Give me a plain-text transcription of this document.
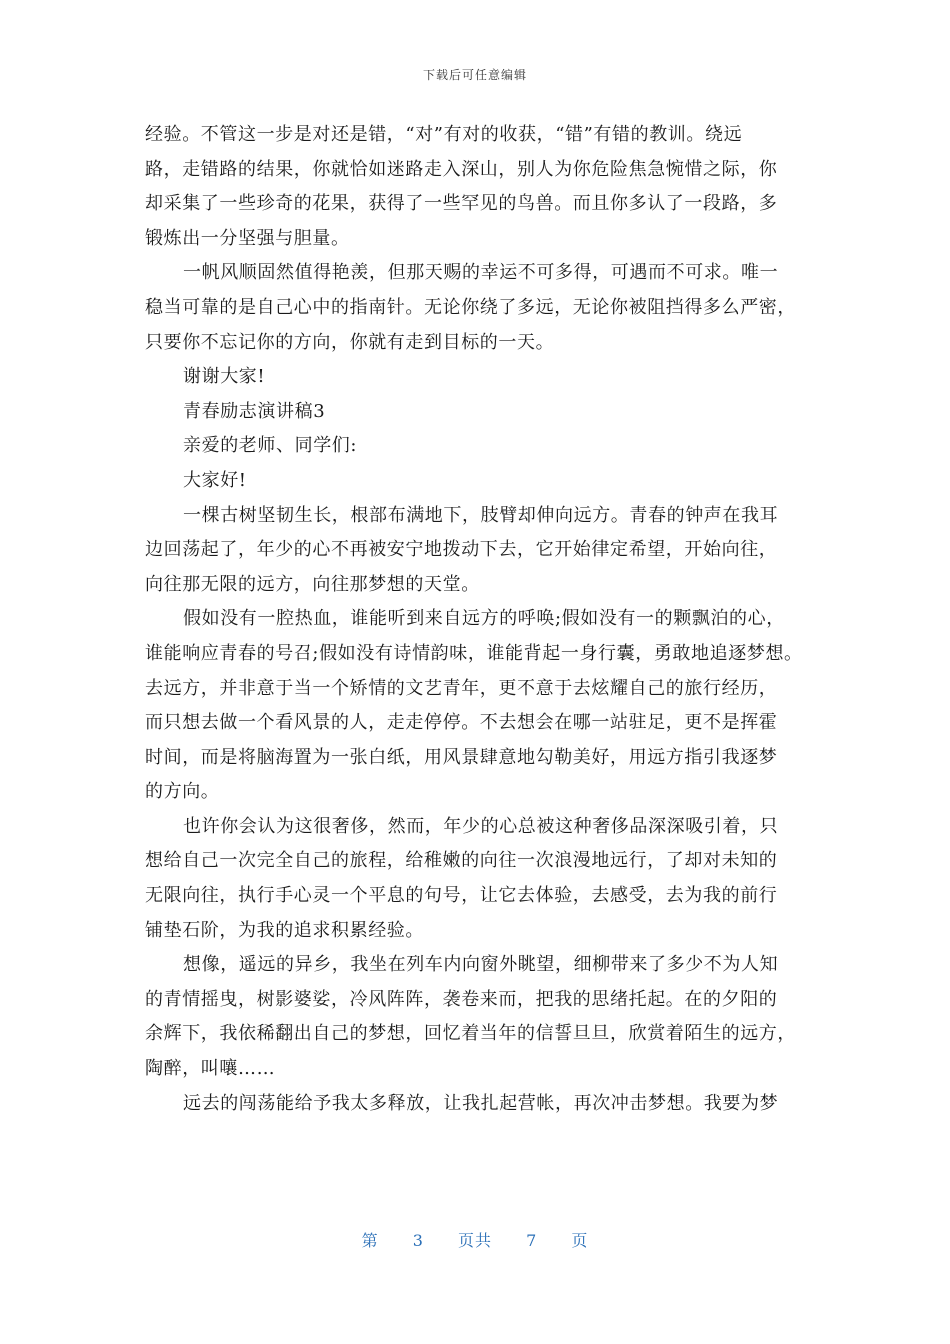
下载后可任意编辑
经验。不管这一步是对还是错，“对”有对的收获，“错”有错的教训。绕远
路，走错路的结果，你就恰如迷路走入深山，别人为你危险焦急惋惜之际，你
却采集了一些珍奇的花果，获得了一些罕见的鸟兽。而且你多认了一段路，多
锻炼出一分坚强与胆量。
一帆风顺固然值得艳羡，但那天赐的幸运不可多得，可遇而不可求。唯一
稳当可靠的是自己心中的指南针。无论你绕了多远，无论你被阻挡得多么严密，
只要你不忘记你的方向，你就有走到目标的一天。
谢谢大家!
青春励志演讲稿3
亲爱的老师、同学们:
大家好!
一棵古树坚韧生长，根部布满地下，肢臂却伸向远方。青春的钟声在我耳
边回荡起了，年少的心不再被安宁地拨动下去，它开始律定希望，开始向往，
向往那无限的远方，向往那梦想的天堂。
假如没有一腔热血，谁能听到来自远方的呼唤;假如没有一的颗飘泊的心，
谁能响应青春的号召;假如没有诗情韵味，谁能背起一身行囊，勇敢地追逐梦想。
去远方，并非意于当一个矫情的文艺青年，更不意于去炫耀自己的旅行经历，
而只想去做一个看风景的人，走走停停。不去想会在哪一站驻足，更不是挥霍
时间，而是将脑海置为一张白纸，用风景肆意地勾勒美好，用远方指引我逐梦
的方向。
也许你会认为这很奢侈，然而，年少的心总被这种奢侈品深深吸引着，只
想给自己一次完全自己的旅程，给稚嫩的向往一次浪漫地远行，了却对未知的
无限向往，执行手心灵一个平息的句号，让它去体验，去感受，去为我的前行
铺垫石阶，为我的追求积累经验。
想像，遥远的异乡，我坐在列车内向窗外眺望，细柳带来了多少不为人知
的青情摇曳，树影婆娑，冷风阵阵，袭卷来而，把我的思绪托起。在的夕阳的
余辉下，我依稀翻出自己的梦想，回忆着当年的信誓旦旦，欣赏着陌生的远方，
陶醉，叫嚷……
远去的闯荡能给予我太多释放，让我扎起营帐，再次冲击梦想。我要为梦
第 3 页共 7 页
